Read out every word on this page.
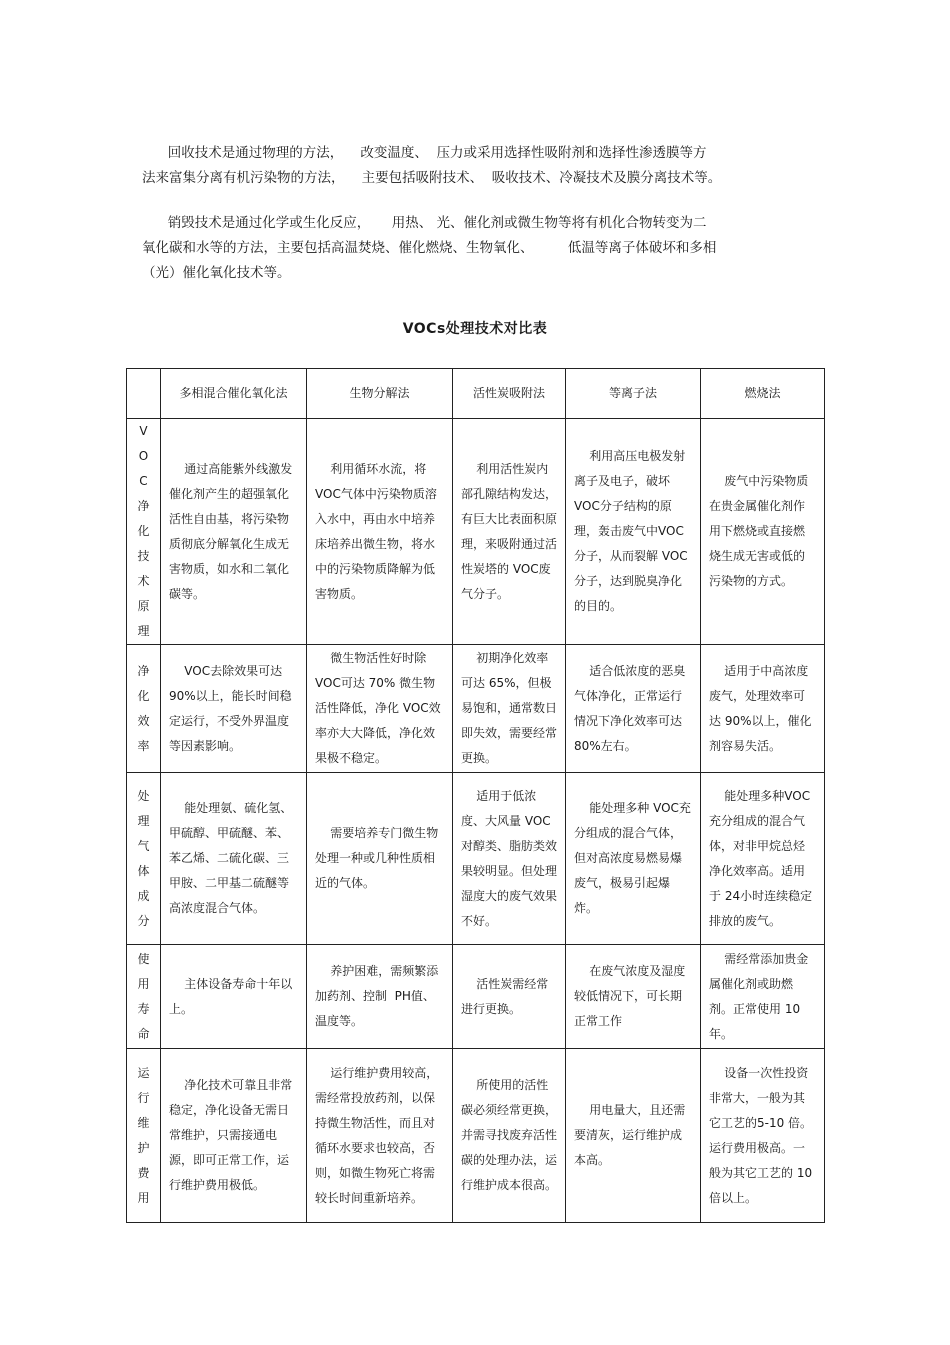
回收技术是通过物理的方法，    改变温度、  压力或采用选择性吸附剂和选择性渗透膜等方
法来富集分离有机污染物的方法，    主要包括吸附技术、  吸收技术、冷凝技术及膜分离技术等。
销毁技术是通过化学或生化反应，     用热、 光、催化剂或微生物等将有机化合物转变为二
氧化碳和水等的方法，主要包括高温焚烧、催化燃烧、生物氧化、        低温等离子体破坏和多相
（光）催化氧化技术等。
VOCs处理技术对比表
	多相混合催化氧化法	生物分解法	活性炭吸附法	等离子法	燃烧法
VOC净化技术原理	通过高能紫外线激发催化剂产生的超强氧化活性自由基，将污染物质彻底分解氧化生成无害物质，如水和二氧化碳等。	利用循环水流，将VOC气体中污染物质溶入水中，再由水中培养床培养出微生物，将水中的污染物质降解为低害物质。	利用活性炭内部孔隙结构发达，有巨大比表面积原理，来吸附通过活性炭塔的 VOC废气分子。	利用高压电极发射离子及电子，破坏 VOC分子结构的原理，轰击废气中VOC分子，从而裂解 VOC分子，达到脱臭净化的目的。	废气中污染物质在贵金属催化剂作用下燃烧或直接燃烧生成无害或低的污染物的方式。

净化效率	VOC去除效果可达90%以上，能长时间稳定运行，不受外界温度等因素影响。	微生物活性好时除VOC可达 70% 微生物活性降低，净化 VOC效率亦大大降低，净化效果极不稳定。	初期净化效率可达 65%，但极易饱和，通常数日即失效，需要经常更换。	适合低浓度的恶臭气体净化，正常运行情况下净化效率可达 80%左右。	适用于中高浓度废气，处理效率可达 90%以上，催化剂容易失活。

处理气体成分	能处理氨、硫化氢、甲硫醇、甲硫醚、苯、苯乙烯、二硫化碳、三甲胺、二甲基二硫醚等高浓度混合气体。	需要培养专门微生物处理一种或几种性质相近的气体。	适用于低浓度、大风量 VOC对醇类、脂肪类效果较明显。但处理湿度大的废气效果不好。	能处理多种 VOC充分组成的混合气体，但对高浓度易燃易爆废气，极易引起爆炸。	能处理多种VOC充分组成的混合气体，对非甲烷总烃净化效率高。适用于 24小时连续稳定排放的废气。

使用寿命	主体设备寿命十年以上。	养护困难，需频繁添加药剂、控制  PH值、温度等。	活性炭需经常进行更换。	在废气浓度及湿度较低情况下，可长期正常工作	需经常添加贵金属催化剂或助燃剂。正常使用 10 年。

运行维护费用	净化技术可靠且非常稳定，净化设备无需日常维护，只需接通电源，即可正常工作，运行维护费用极低。	运行维护费用较高，需经常投放药剂，以保持微生物活性，而且对循环水要求也较高，否则，如微生物死亡将需较长时间重新培养。	所使用的活性碳必须经常更换，并需寻找废弃活性碳的处理办法，运行维护成本很高。	用电量大，且还需要清灰，运行维护成本高。	设备一次性投资非常大，一般为其它工艺的5-10 倍。运行费用极高。一般为其它工艺的 10倍以上。
